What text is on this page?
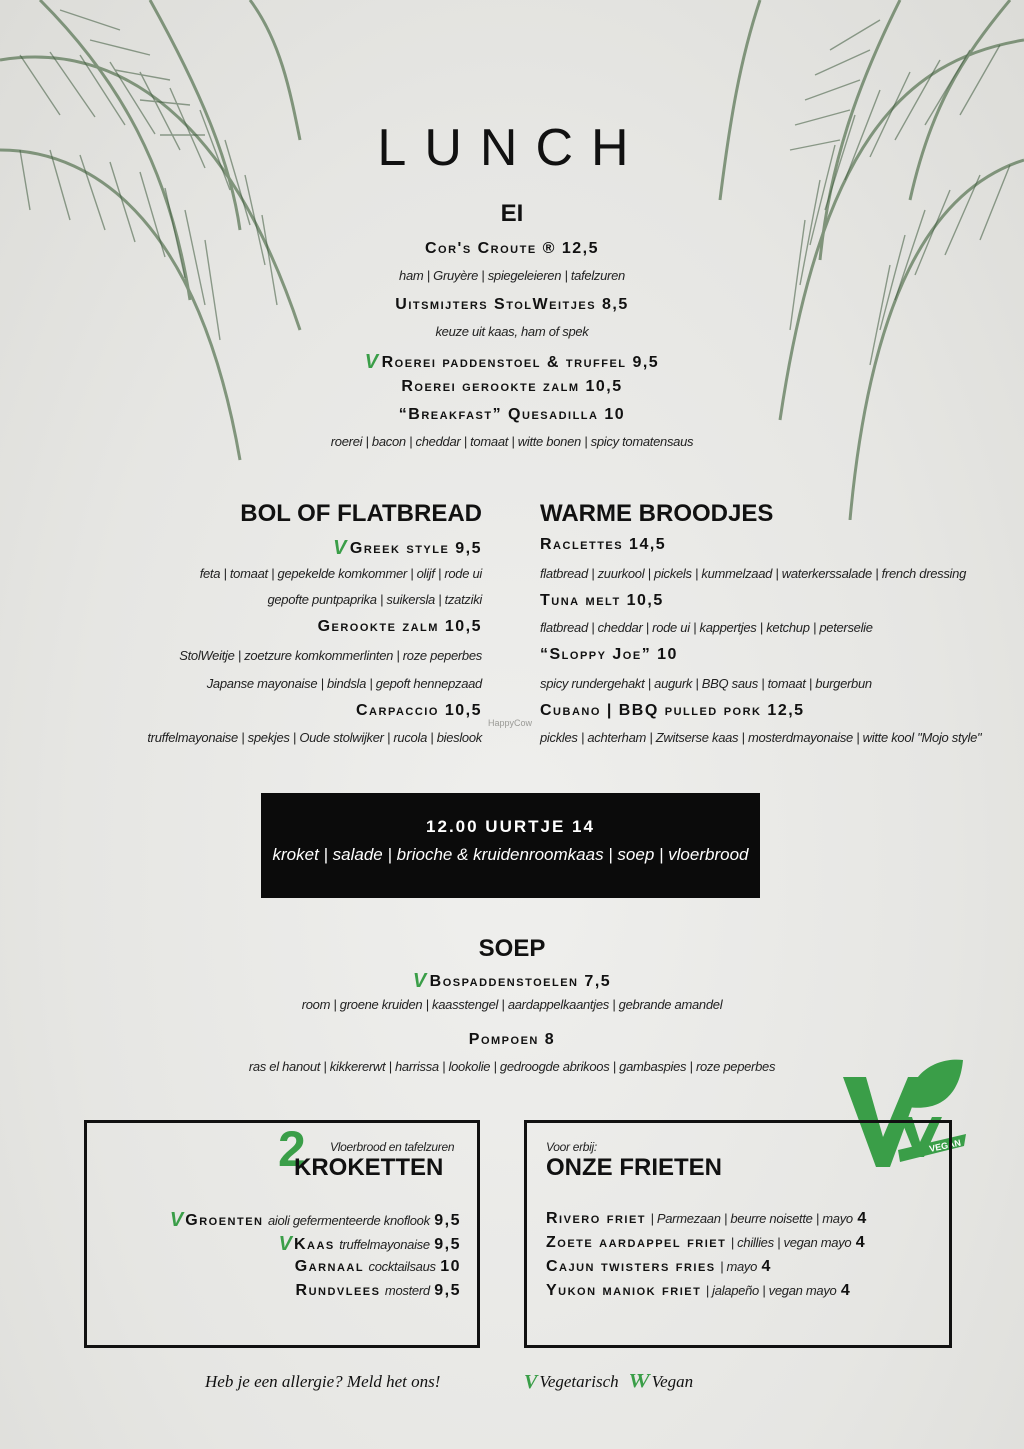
LUNCH
EI
Cor's Croute ® 12,5
ham | Gruyère | spiegeleieren | tafelzuren
Uitsmijters StolWeitjes 8,5
keuze uit kaas, ham of spek
V Roerei paddenstoel & truffel 9,5
Roerei gerookte zalm 10,5
“Breakfast” Quesadilla 10
roerei | bacon | cheddar | tomaat | witte bonen | spicy tomatensaus
BOL OF FLATBREAD
V Greek style 9,5
feta | tomaat | gepekelde komkommer | olijf | rode ui
gepofte puntpaprika | suikersla | tzatziki
Gerookte zalm 10,5
StolWeitje | zoetzure komkommerlinten | roze peperbes
Japanse mayonaise | bindsla | gepoft hennepzaad
Carpaccio 10,5
truffelmayonaise | spekjes | Oude stolwijker | rucola | bieslook
WARME BROODJES
Raclettes 14,5
flatbread | zuurkool | pickels | kummelzaad | waterkerssalade | french dressing
Tuna melt 10,5
flatbread | cheddar | rode ui | kappertjes | ketchup | peterselie
“Sloppy Joe” 10
spicy rundergehakt | augurk | BBQ saus | tomaat | burgerbun
Cubano | BBQ pulled pork 12,5
pickles | achterham | Zwitserse kaas | mosterdmayonaise | witte kool "Mojo style"
HappyCow
12.00 UURTJE 14
kroket | salade | brioche & kruidenroomkaas | soep | vloerbrood
SOEP
V Bospaddenstoelen 7,5
room | groene kruiden | kaasstengel | aardappelkaantjes | gebrande amandel
Pompoen 8
ras el hanout | kikkererwt | harrissa | lookolie | gedroogde abrikoos | gambaspies | roze peperbes
VEGAN
2 Vloerbrood en tafelzuren
KROKETTEN
V Groenten aioli gefermenteerde knoflook 9,5
V Kaas truffelmayonaise 9,5
Garnaal cocktailsaus 10
Rundvlees mosterd 9,5
Voor erbij:
ONZE FRIETEN
Rivero friet | Parmezaan | beurre noisette | mayo 4
Zoete aardappel friet | chillies | vegan mayo 4
Cajun twisters fries | mayo 4
Yukon maniok friet | jalapeño | vegan mayo 4
Heb je een allergie? Meld het ons!	V Vegetarisch VV Vegan
